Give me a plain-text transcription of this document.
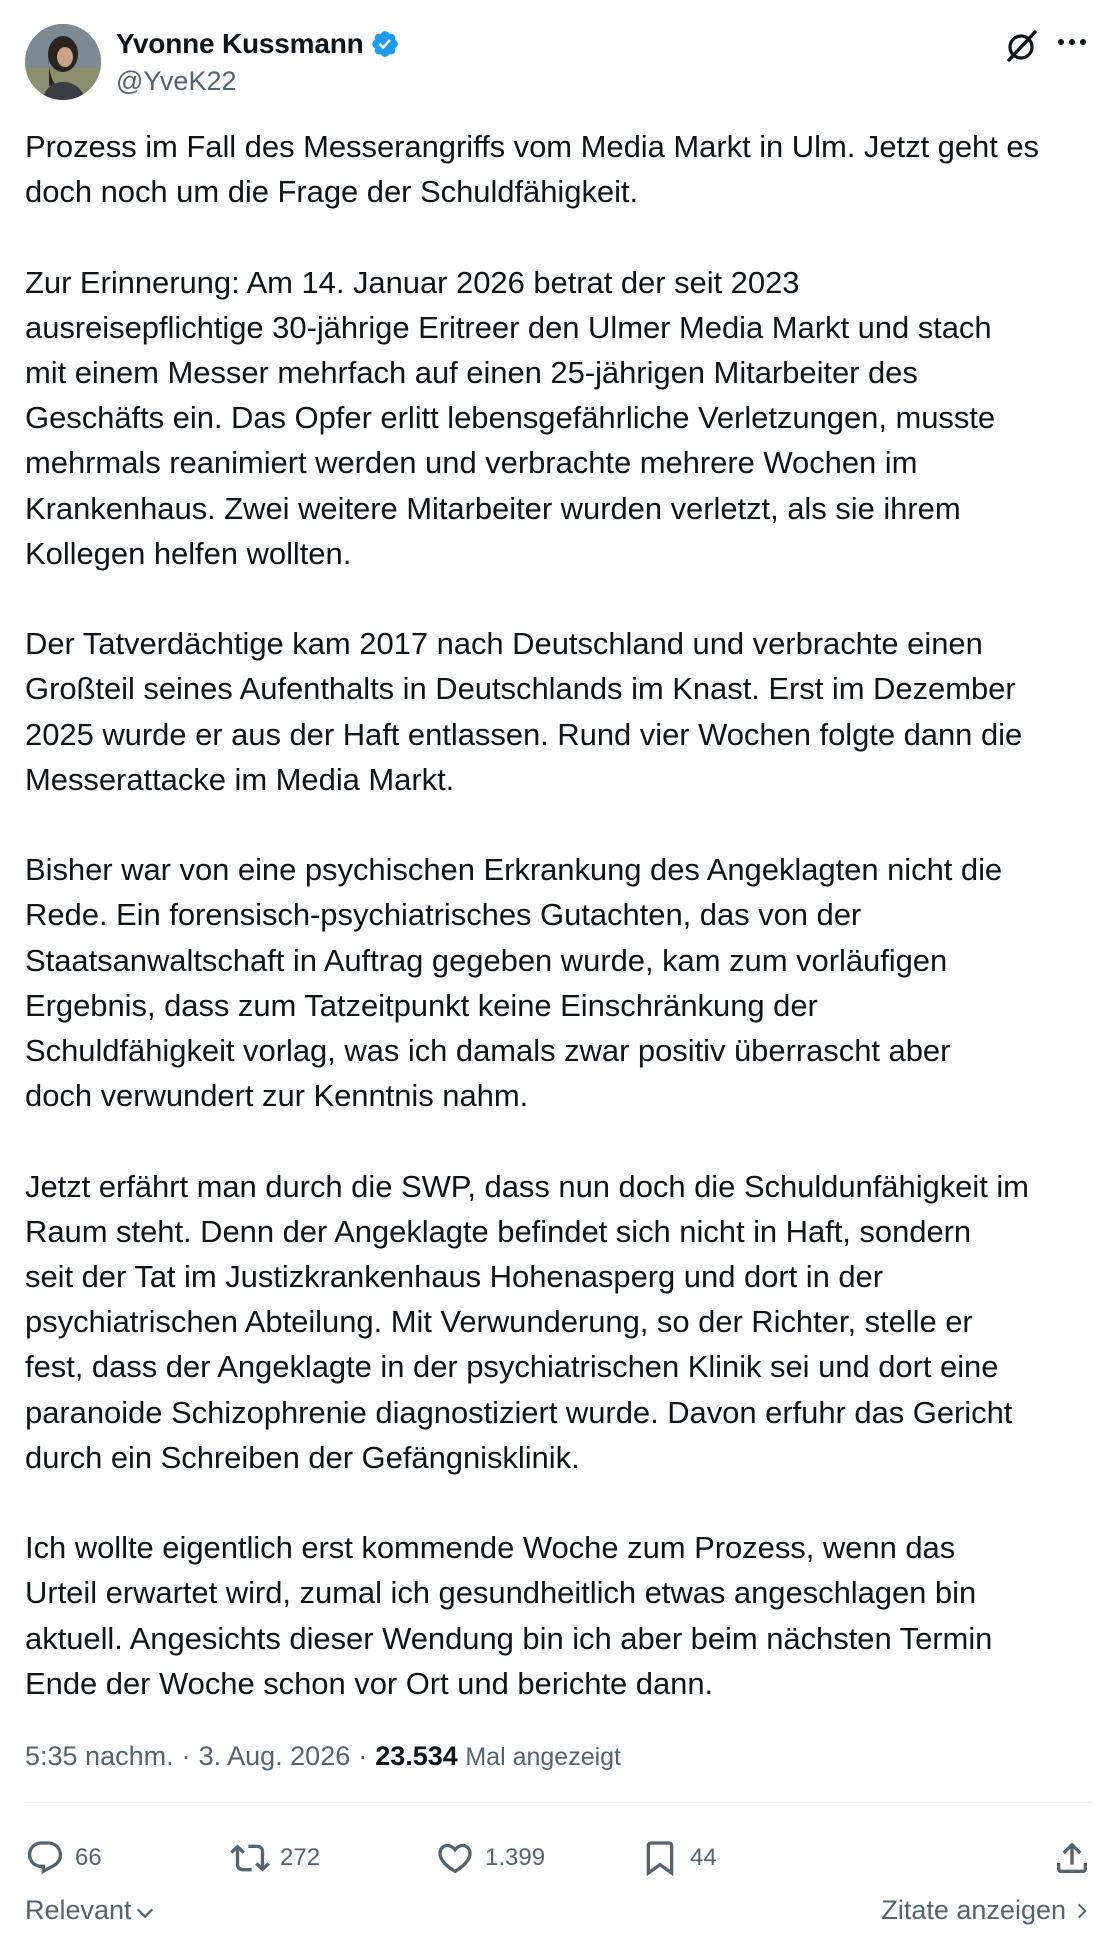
Yvonne Kussmann
@YveK22

Prozess im Fall des Messerangriffs vom Media Markt in Ulm. Jetzt geht es
doch noch um die Frage der Schuldfähigkeit.

Zur Erinnerung: Am 14. Januar 2026 betrat der seit 2023
ausreisepflichtige 30-jährige Eritreer den Ulmer Media Markt und stach
mit einem Messer mehrfach auf einen 25-jährigen Mitarbeiter des
Geschäfts ein. Das Opfer erlitt lebensgefährliche Verletzungen, musste
mehrmals reanimiert werden und verbrachte mehrere Wochen im
Krankenhaus. Zwei weitere Mitarbeiter wurden verletzt, als sie ihrem
Kollegen helfen wollten.

Der Tatverdächtige kam 2017 nach Deutschland und verbrachte einen
Großteil seines Aufenthalts in Deutschlands im Knast. Erst im Dezember
2025 wurde er aus der Haft entlassen. Rund vier Wochen folgte dann die
Messerattacke im Media Markt.

Bisher war von eine psychischen Erkrankung des Angeklagten nicht die
Rede. Ein forensisch-psychiatrisches Gutachten, das von der
Staatsanwaltschaft in Auftrag gegeben wurde, kam zum vorläufigen
Ergebnis, dass zum Tatzeitpunkt keine Einschränkung der
Schuldfähigkeit vorlag, was ich damals zwar positiv überrascht aber
doch verwundert zur Kenntnis nahm.

Jetzt erfährt man durch die SWP, dass nun doch die Schuldunfähigkeit im
Raum steht. Denn der Angeklagte befindet sich nicht in Haft, sondern
seit der Tat im Justizkrankenhaus Hohenasperg und dort in der
psychiatrischen Abteilung. Mit Verwunderung, so der Richter, stelle er
fest, dass der Angeklagte in der psychiatrischen Klinik sei und dort eine
paranoide Schizophrenie diagnostiziert wurde. Davon erfuhr das Gericht
durch ein Schreiben der Gefängnisklinik.

Ich wollte eigentlich erst kommende Woche zum Prozess, wenn das
Urteil erwartet wird, zumal ich gesundheitlich etwas angeschlagen bin
aktuell. Angesichts dieser Wendung bin ich aber beim nächsten Termin
Ende der Woche schon vor Ort und berichte dann.

5:35 nachm. · 3. Aug. 2026 · 23.534 Mal angezeigt
66	272	1.399	44
Relevant	Zitate anzeigen
